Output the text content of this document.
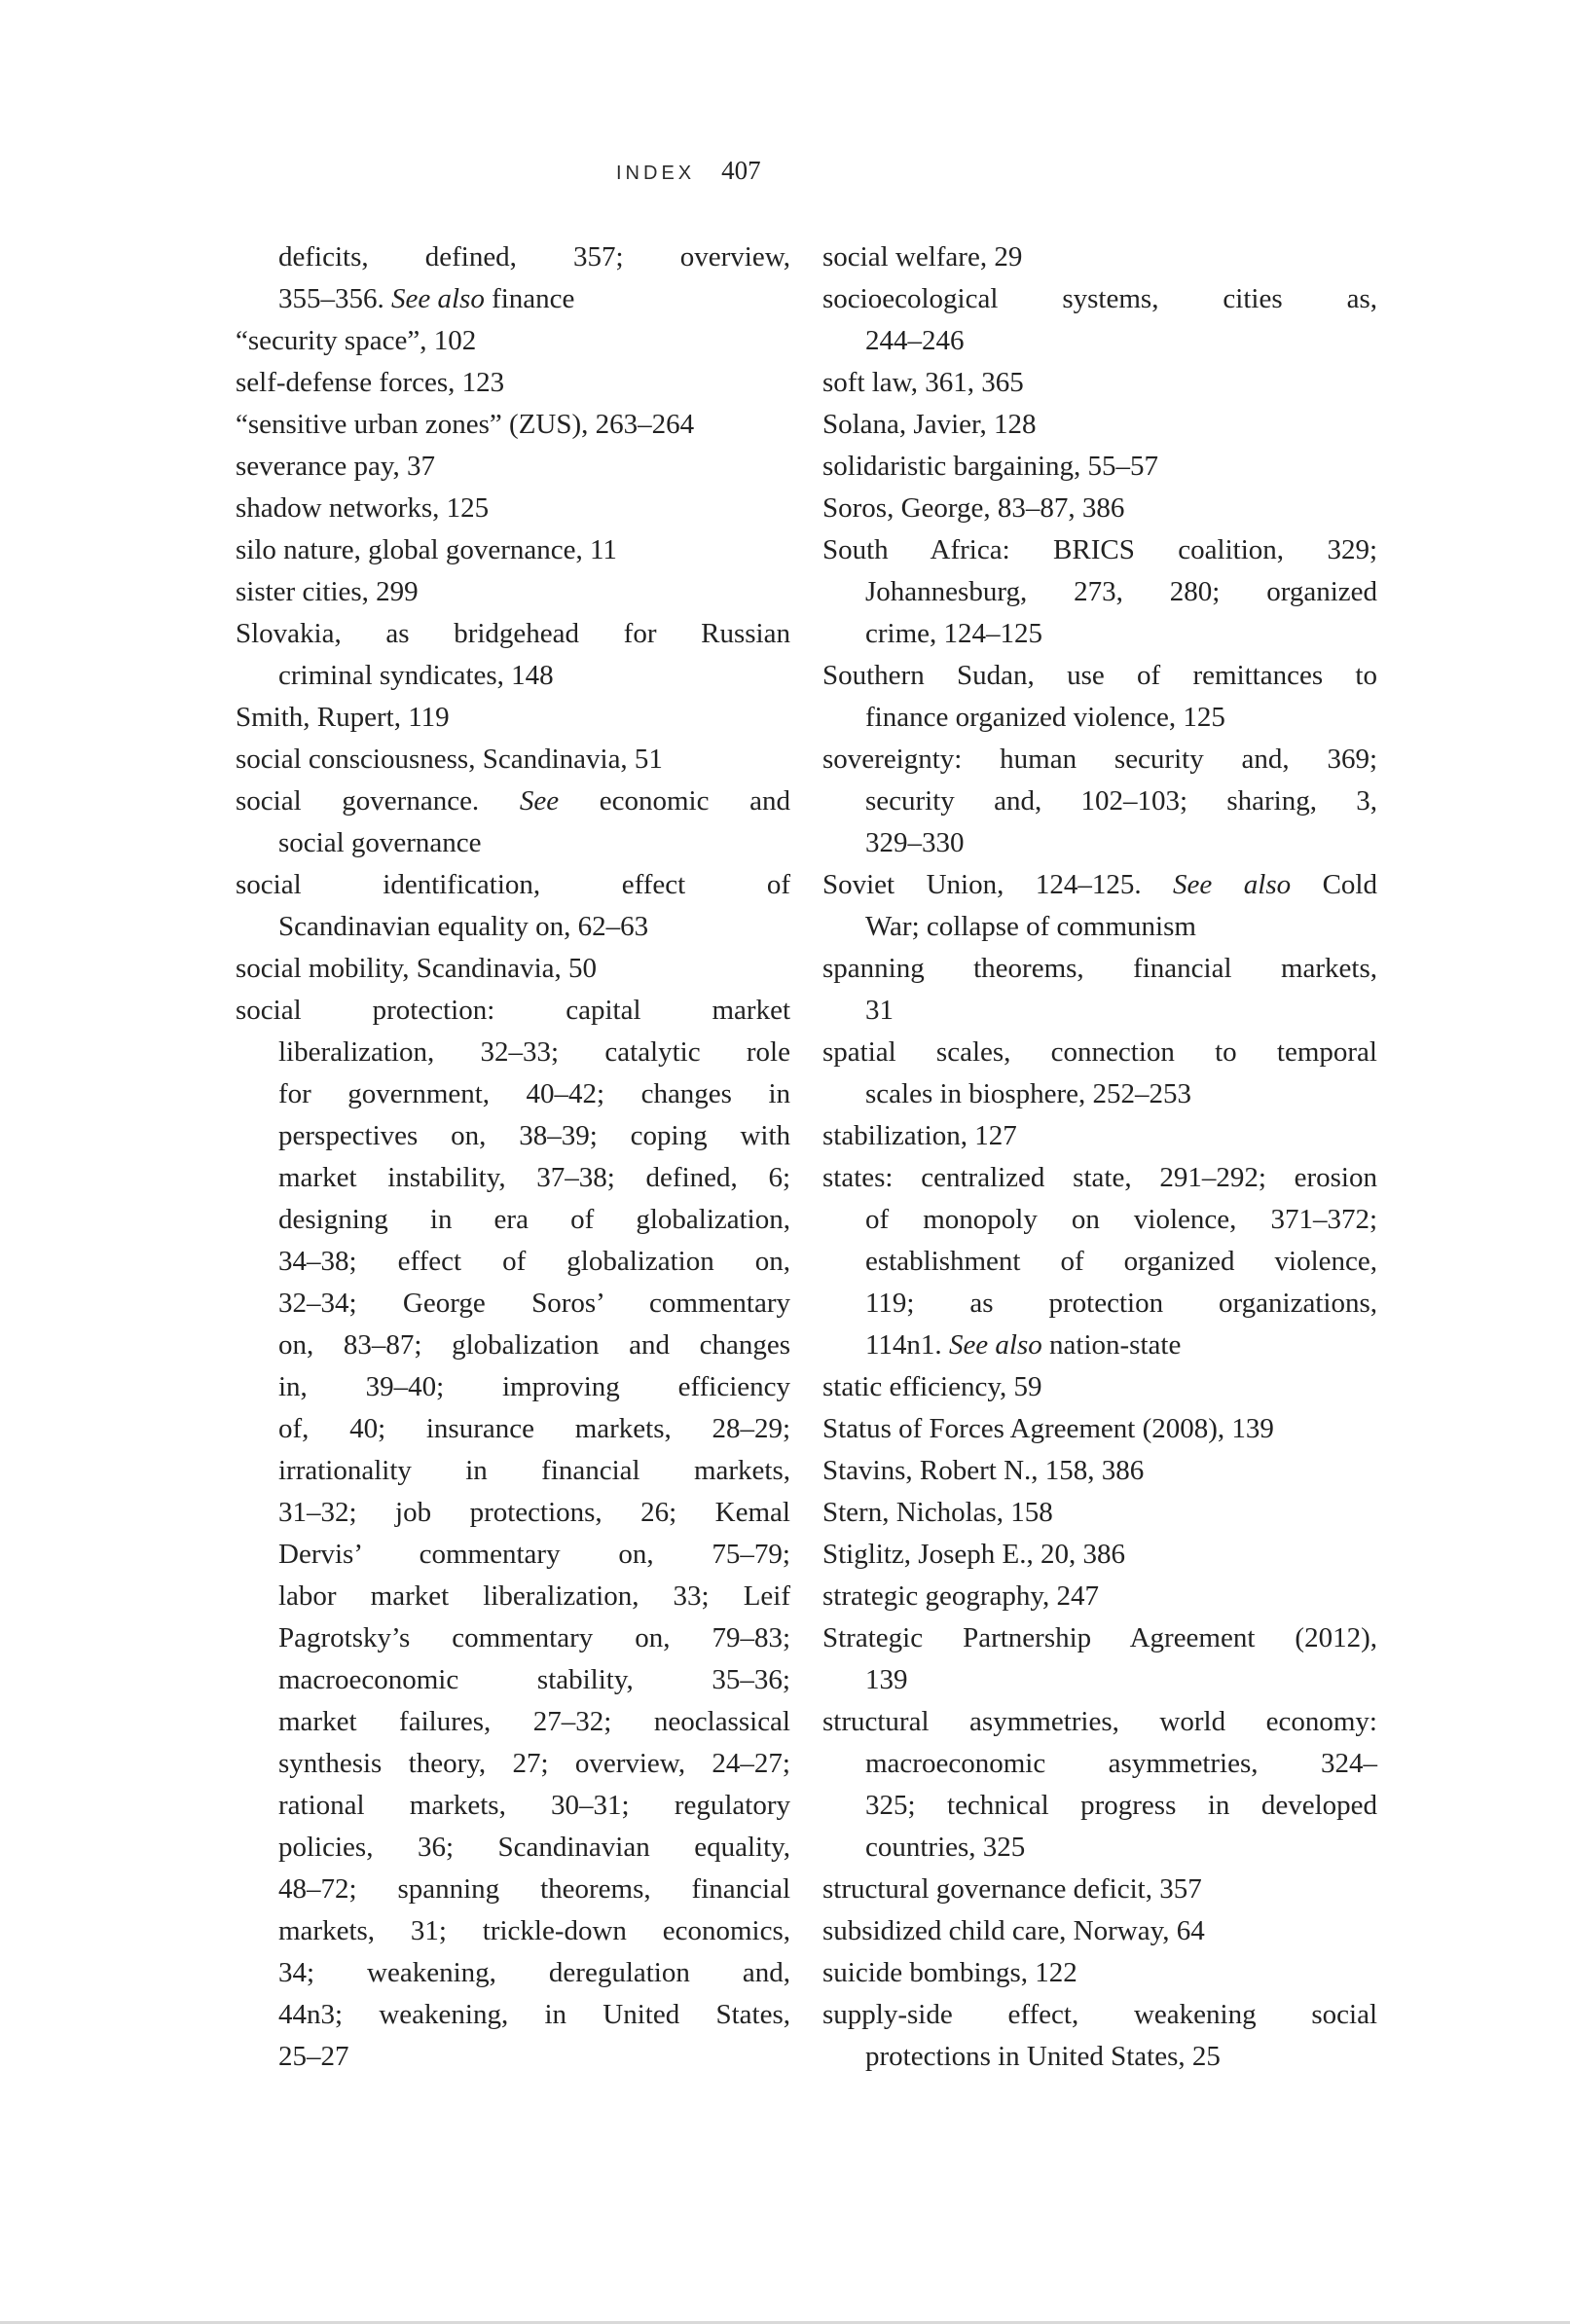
INDEX 407
deficits, defined, 357; overview,
355–356. See also finance
“security space”, 102
self-defense forces, 123
“sensitive urban zones” (ZUS), 263–264
severance pay, 37
shadow networks, 125
silo nature, global governance, 11
sister cities, 299
Slovakia, as bridgehead for Russian
criminal syndicates, 148
Smith, Rupert, 119
social consciousness, Scandinavia, 51
social governance. See economic and
social governance
social identification, effect of
Scandinavian equality on, 62–63
social mobility, Scandinavia, 50
social protection: capital market
liberalization, 32–33; catalytic role
for government, 40–42; changes in
perspectives on, 38–39; coping with
market instability, 37–38; defined, 6;
designing in era of globalization,
34–38; effect of globalization on,
32–34; George Soros’ commentary
on, 83–87; globalization and changes
in, 39–40; improving efficiency
of, 40; insurance markets, 28–29;
irrationality in financial markets,
31–32; job protections, 26; Kemal
Dervis’ commentary on, 75–79;
labor market liberalization, 33; Leif
Pagrotsky’s commentary on, 79–83;
macroeconomic stability, 35–36;
market failures, 27–32; neoclassical
synthesis theory, 27; overview, 24–27;
rational markets, 30–31; regulatory
policies, 36; Scandinavian equality,
48–72; spanning theorems, financial
markets, 31; trickle-down economics,
34; weakening, deregulation and,
44n3; weakening, in United States,
25–27
social welfare, 29
socioecological systems, cities as,
244–246
soft law, 361, 365
Solana, Javier, 128
solidaristic bargaining, 55–57
Soros, George, 83–87, 386
South Africa: BRICS coalition, 329;
Johannesburg, 273, 280; organized
crime, 124–125
Southern Sudan, use of remittances to
finance organized violence, 125
sovereignty: human security and, 369;
security and, 102–103; sharing, 3,
329–330
Soviet Union, 124–125. See also Cold
War; collapse of communism
spanning theorems, financial markets,
31
spatial scales, connection to temporal
scales in biosphere, 252–253
stabilization, 127
states: centralized state, 291–292; erosion
of monopoly on violence, 371–372;
establishment of organized violence,
119; as protection organizations,
114n1. See also nation-state
static efficiency, 59
Status of Forces Agreement (2008), 139
Stavins, Robert N., 158, 386
Stern, Nicholas, 158
Stiglitz, Joseph E., 20, 386
strategic geography, 247
Strategic Partnership Agreement (2012),
139
structural asymmetries, world economy:
macroeconomic asymmetries, 324–
325; technical progress in developed
countries, 325
structural governance deficit, 357
subsidized child care, Norway, 64
suicide bombings, 122
supply-side effect, weakening social
protections in United States, 25
